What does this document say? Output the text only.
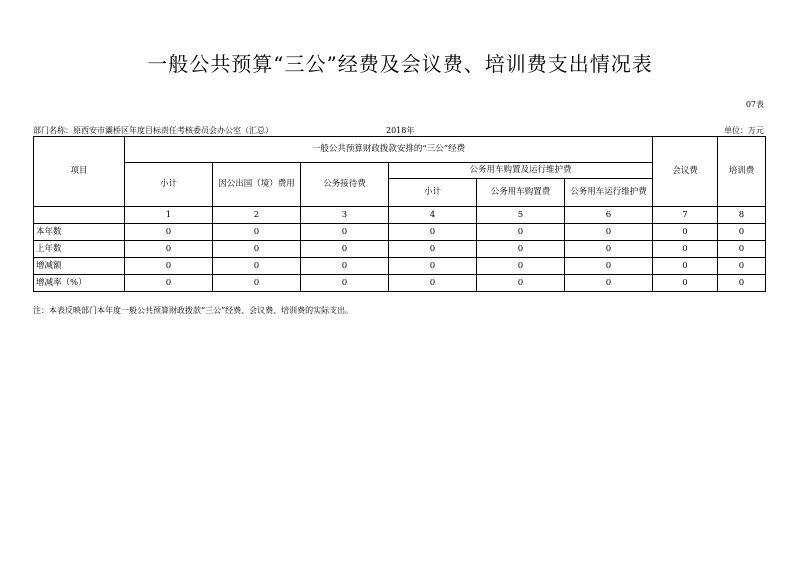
一般公共预算“三公”经费及会议费、培训费支出情况表
07表
部门名称：原西安市灞桥区年度目标责任考核委员会办公室（汇总）	2018年	单位：万元
项目	一般公共预算财政拨款安排的“三公”经费						会议费	培训费
	小计	因公出国（境）费用	公务接待费	公务用车购置及运行维护费				
				小计	公务用车购置费	公务用车运行维护费		
	1	2	3	4	5	6	7	8
本年数	0	0	0	0	0	0	0	0
上年数	0	0	0	0	0	0	0	0
增减额	0	0	0	0	0	0	0	0
增减率（%）	0	0	0	0	0	0	0	0
注：本表反映部门本年度一般公共预算财政拨款“三公”经费、会议费、培训费的实际支出。
